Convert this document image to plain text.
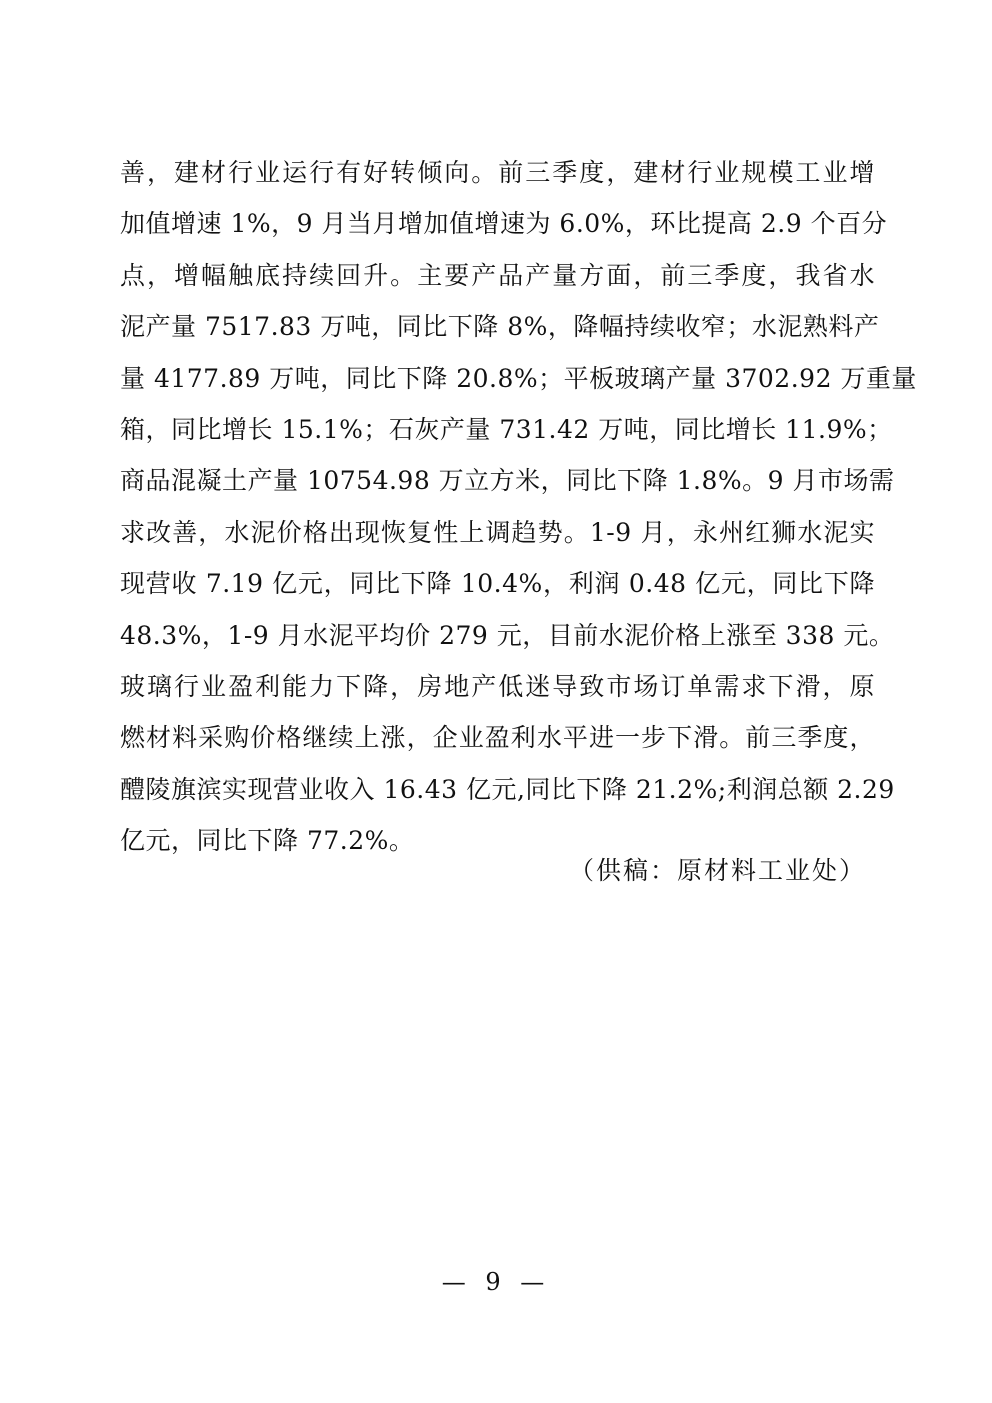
善，建材行业运行有好转倾向。前三季度，建材行业规模工业增
加值增速 1%，9 月当月增加值增速为 6.0%，环比提高 2.9 个百分
点，增幅触底持续回升。主要产品产量方面，前三季度，我省水
泥产量 7517.83 万吨，同比下降 8%，降幅持续收窄；水泥熟料产
量 4177.89 万吨，同比下降 20.8%；平板玻璃产量 3702.92 万重量
箱，同比增长 15.1%；石灰产量 731.42 万吨，同比增长 11.9%；
商品混凝土产量 10754.98 万立方米，同比下降 1.8%。9 月市场需
求改善，水泥价格出现恢复性上调趋势。1-9 月，永州红狮水泥实
现营收 7.19 亿元，同比下降 10.4%，利润 0.48 亿元，同比下降
48.3%，1-9 月水泥平均价 279 元，目前水泥价格上涨至 338 元。
玻璃行业盈利能力下降，房地产低迷导致市场订单需求下滑，原
燃材料采购价格继续上涨，企业盈利水平进一步下滑。前三季度，
醴陵旗滨实现营业收入 16.43 亿元,同比下降 21.2%;利润总额 2.29
亿元，同比下降 77.2%。
（供稿：原材料工业处）
— 9 —
